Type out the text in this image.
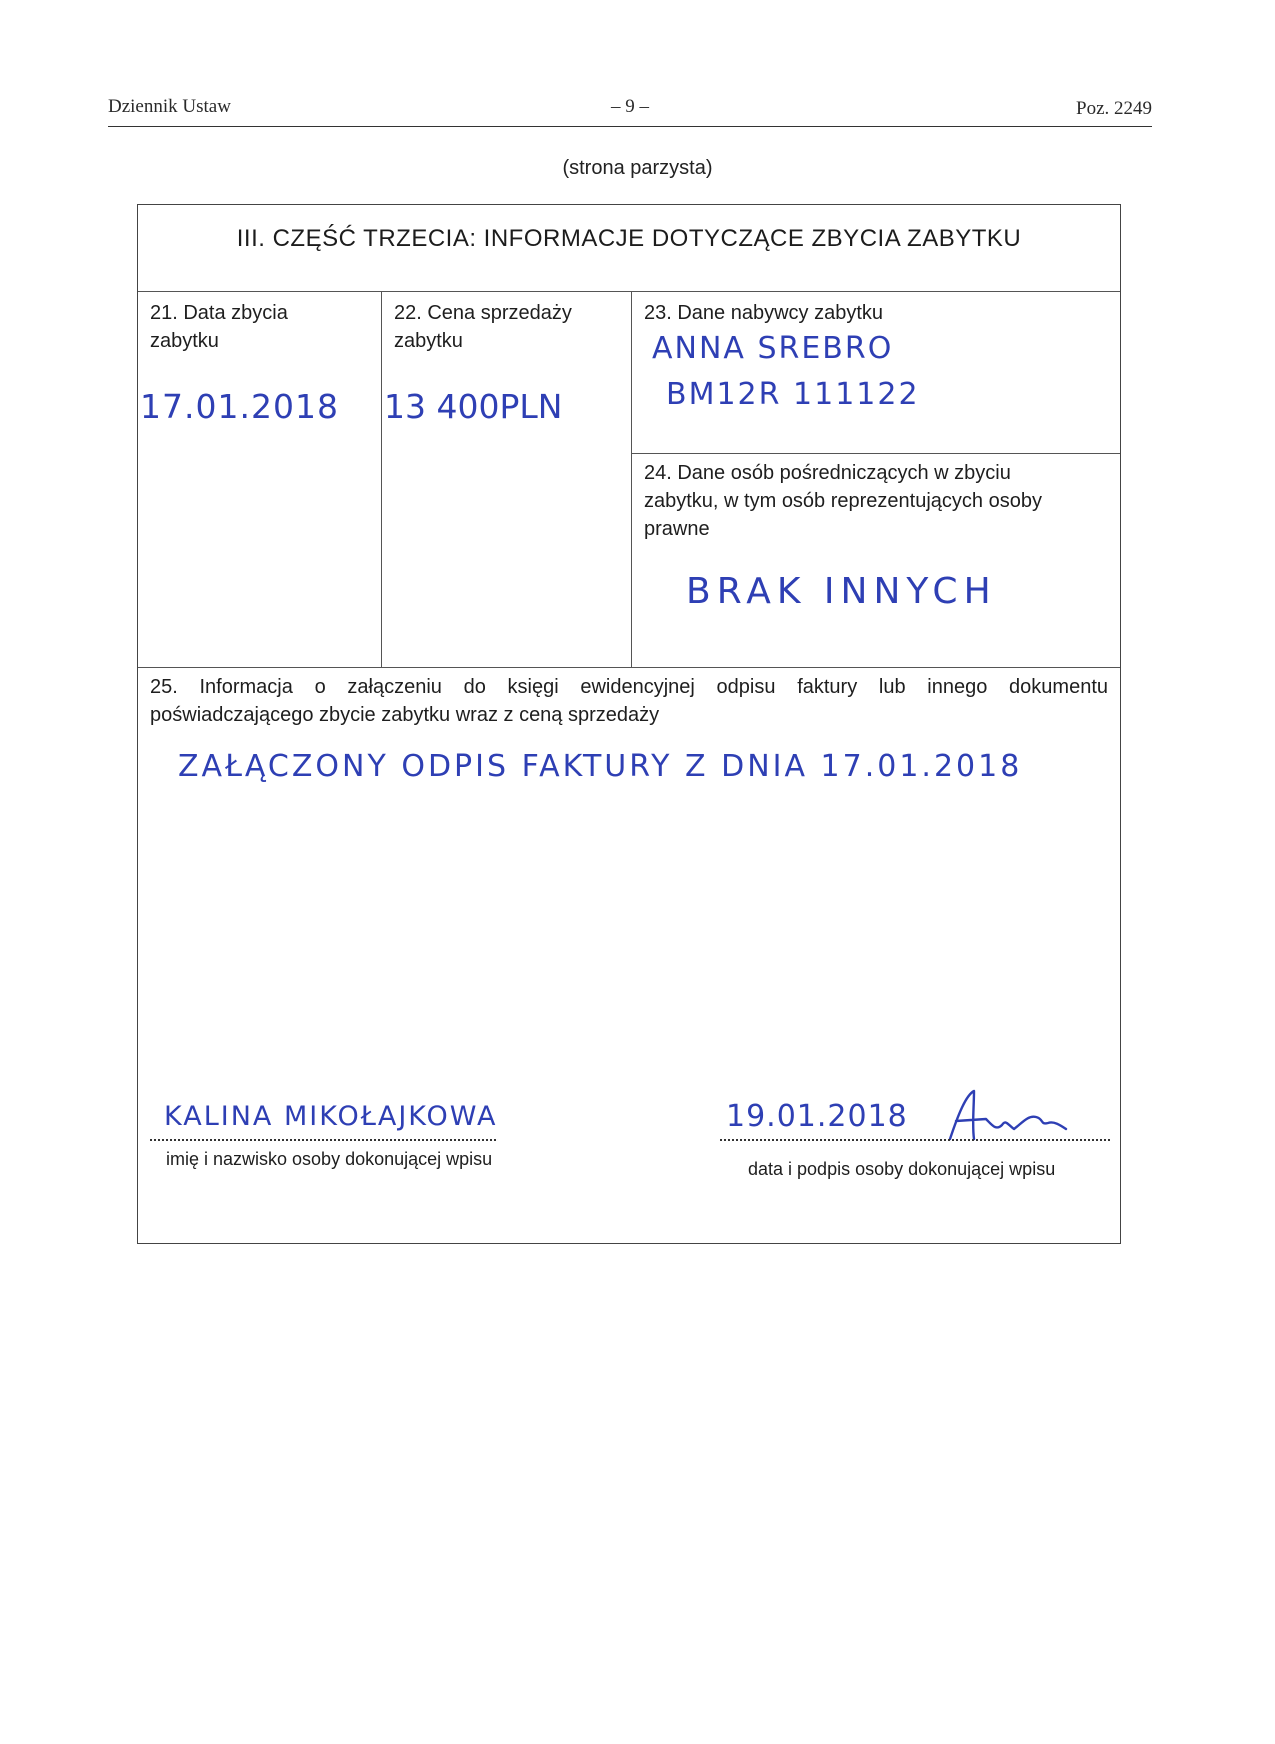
Dziennik Ustaw	– 9 –	Poz. 2249
(strona parzysta)
III. CZĘŚĆ TRZECIA: INFORMACJE DOTYCZĄCE ZBYCIA ZABYTKU
21. Data zbycia
zabytku
17.01.2018
22. Cena sprzedaży
zabytku
13 400PLN
23. Dane nabywcy zabytku
ANNA SREBRO
BM12R 111122
24. Dane osób pośredniczących w zbyciu
zabytku, w tym osób reprezentujących osoby
prawne
BRAK INNYCH
25. Informacja o załączeniu do księgi ewidencyjnej odpisu faktury lub innego dokumentu
poświadczającego zbycie zabytku wraz z ceną sprzedaży
ZAŁĄCZONY ODPIS FAKTURY Z DNIA 17.01.2018
KALINA MIKOŁAJKOWA
imię i nazwisko osoby dokonującej wpisu
19.01.2018
data i podpis osoby dokonującej wpisu
